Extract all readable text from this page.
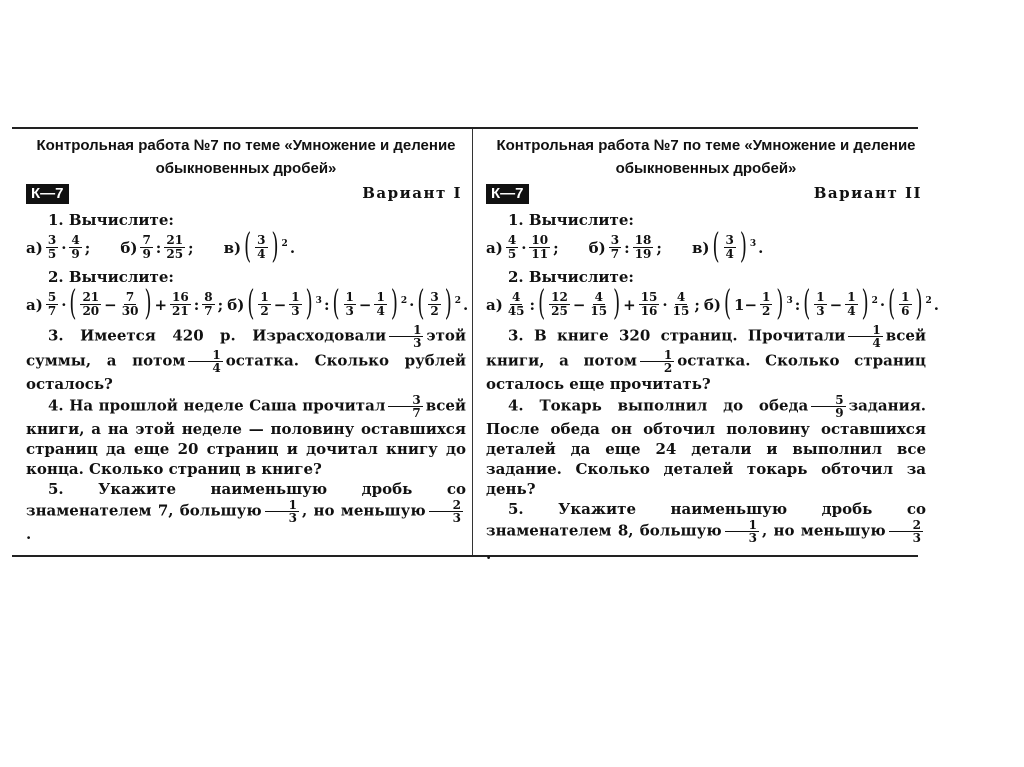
Контрольная работа №7 по теме «Умножение и деление обыкновенных дробей»
К—7	Вариант I
1. Вычислите:
$а) \frac{3}{5} \cdot \frac{4}{9}$ ; $б) \frac{7}{9}$ : $\frac{21}{25}$ ; в) ( $\frac{3}{4}$ ) $^2$ .
2. Вычислите:
$а) \frac{5}{7}$ · ( $\frac{21}{20} - \frac{7}{30}$ ) + $\frac{16}{21}$ : $\frac{8}{7}$ ; б) ( $\frac{1}{2} - \frac{1}{3}$ ) $^3$ : ( $\frac{1}{3} - \frac{1}{4}$ ) $^2$ · ( $\frac{3}{2}$ ) $^2$ .

3. Имеется 420 р. Израсходовали $\frac{1}{3}$ этой суммы, а потом $\frac{1}{4}$ остатка. Сколько рублей осталось?

4. На прошлой неделе Саша прочитал $\frac{3}{7}$ всей книги, а на этой неделе — половину оставшихся страниц да еще 20 страниц и дочитал книгу до конца. Сколько страниц в книге?

5. Укажите наименьшую дробь со знаменателем 7, большую $\frac{1}{3}$ , но меньшую $\frac{2}{3}$
.

Контрольная работа №7 по теме «Умножение и деление обыкновенных дробей»
К—7	Вариант II
1. Вычислите:
$а) \frac{4}{5} \cdot \frac{10}{11}$ ; $б) \frac{3}{7}$ : $\frac{18}{19}$ ; в) ( $\frac{3}{4}$ ) $^3$ .
2. Вычислите:
$а) \frac{4}{45}$ : ( $\frac{12}{25} - \frac{4}{15}$ ) + $\frac{15}{16} \cdot \frac{4}{15}$ ; б) ( $1- \frac{1}{2}$ ) $^3$ : ( $\frac{1}{3} - \frac{1}{4}$ ) $^2$ · ( $\frac{1}{6}$ ) $^2$ .

3. В книге 320 страниц. Прочитали $\frac{1}{4}$ всей книги, а потом $\frac{1}{2}$ остатка. Сколько страниц осталось еще прочитать?

4. Токарь выполнил до обеда $\frac{5}{9}$ задания. После обеда он обточил половину оставшихся деталей да еще 24 детали и выполнил все задание. Сколько деталей токарь обточил за день?

5. Укажите наименьшую дробь со знаменателем 8, большую $\frac{1}{3}$ , но меньшую $\frac{2}{3}$
.
